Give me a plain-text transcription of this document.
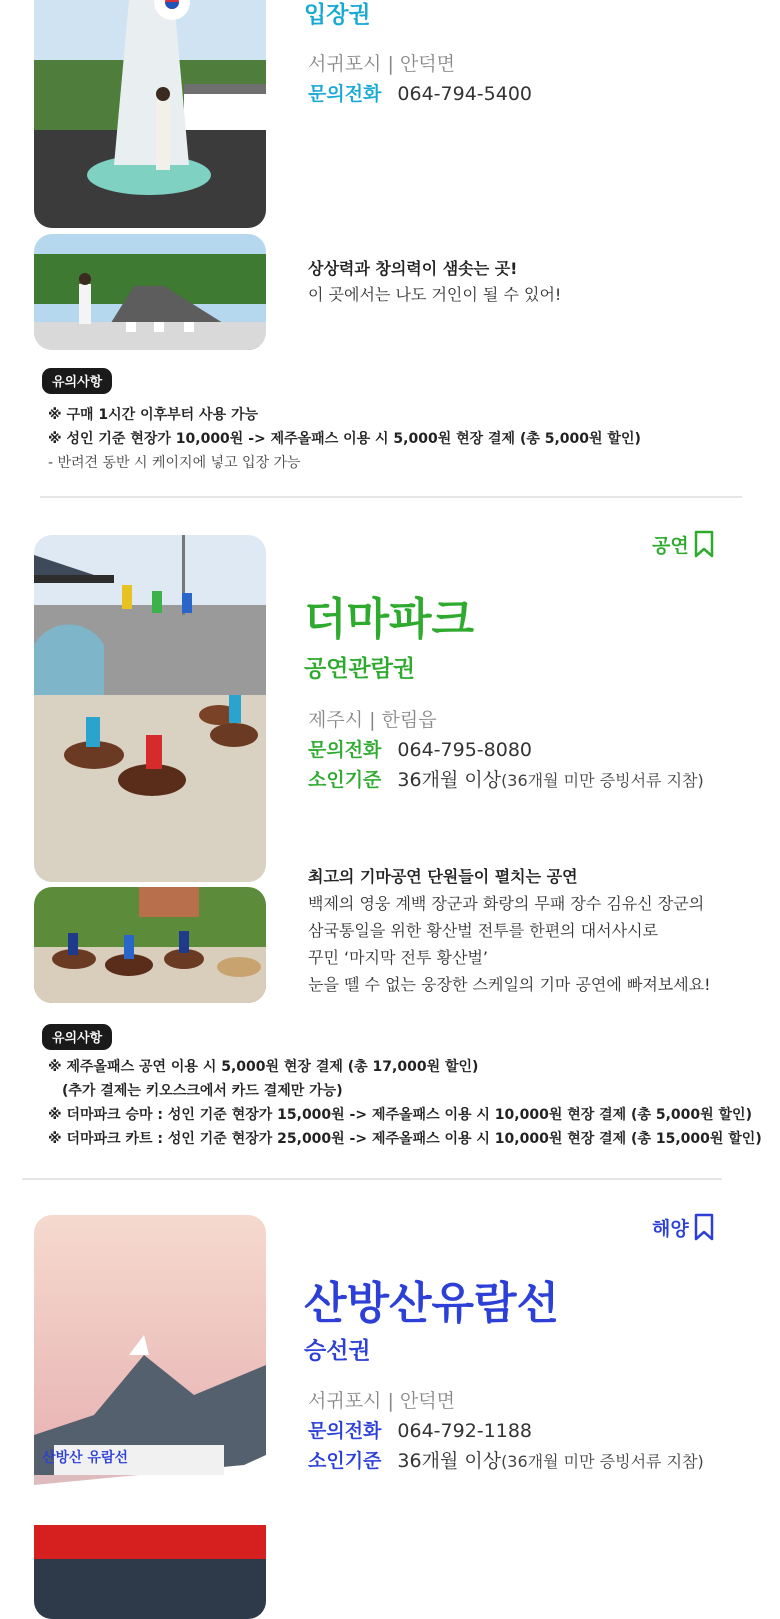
입장권
서귀포시 | 안덕면
문의전화 064-794-5400
상상력과 창의력이 샘솟는 곳!
이 곳에서는 나도 거인이 될 수 있어!
유의사항
※ 구매 1시간 이후부터 사용 가능
※ 성인 기준 현장가 10,000원 -> 제주올패스 이용 시 5,000원 현장 결제 (총 5,000원 할인)
- 반려견 동반 시 케이지에 넣고 입장 가능
공연
더마파크
공연관람권
제주시 | 한림읍
문의전화 064-795-8080
소인기준 36개월 이상(36개월 미만 증빙서류 지참)
최고의 기마공연 단원들이 펼치는 공연
백제의 영웅 계백 장군과 화랑의 무패 장수 김유신 장군의
삼국통일을 위한 황산벌 전투를 한편의 대서사시로
꾸민 ‘마지막 전투 황산벌’
눈을 뗄 수 없는 웅장한 스케일의 기마 공연에 빠져보세요!
유의사항
※ 제주올패스 공연 이용 시 5,000원 현장 결제 (총 17,000원 할인)
(추가 결제는 키오스크에서 카드 결제만 가능)
※ 더마파크 승마 : 성인 기준 현장가 15,000원 -> 제주올패스 이용 시 10,000원 현장 결제 (총 5,000원 할인)
※ 더마파크 카트 : 성인 기준 현장가 25,000원 -> 제주올패스 이용 시 10,000원 현장 결제 (총 15,000원 할인)
산방산 유람선
해양
산방산유람선
승선권
서귀포시 | 안덕면
문의전화 064-792-1188
소인기준 36개월 이상(36개월 미만 증빙서류 지참)
